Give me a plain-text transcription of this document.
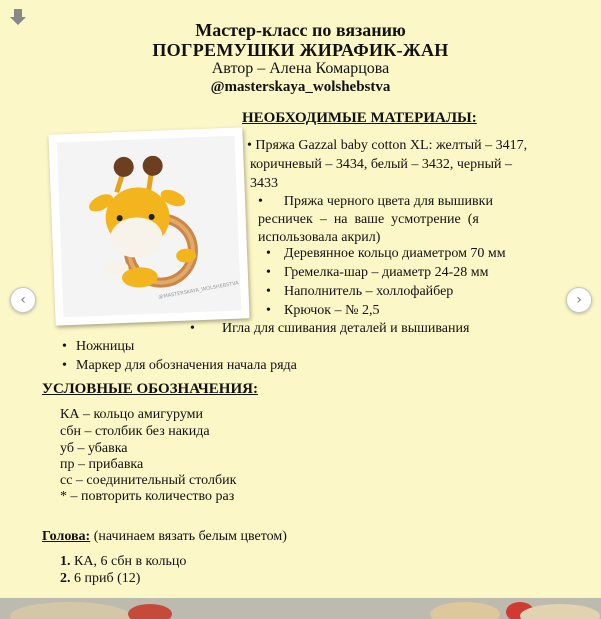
Мастер-класс по вязанию
ПОГРЕМУШКИ ЖИРАФИК-ЖАН
Автор – Алена Комарцова
@masterskaya_wolshebstva
@MASTERSKAYA_WOLSHEBSTVA
НЕОБХОДИМЫЕ МАТЕРИАЛЫ:
• Пряжа Gazzal baby cotton XL: желтый – 3417,
коричневый – 3434, белый – 3432, черный –
3433
•      Пряжа черного цвета для вышивки
ресничек  –  на  ваше  усмотрение  (я
использовала акрил)
• Деревянное кольцо диаметром 70 мм
• Гремелка-шар – диаметр 24-28 мм
• Наполнитель – холлофайбер
• Крючок – № 2,5
• Игла для сшивания деталей и вышивания
• Ножницы
• Маркер для обозначения начала ряда
УСЛОВНЫЕ ОБОЗНАЧЕНИЯ:
КА – кольцо амигуруми
сбн – столбик без накида
уб – убавка
пр – прибавка
сс – соединительный столбик
* – повторить количество раз
Голова: (начинаем вязать белым цветом)
1. КА, 6 сбн в кольцо
2. 6 приб (12)
‹	›
